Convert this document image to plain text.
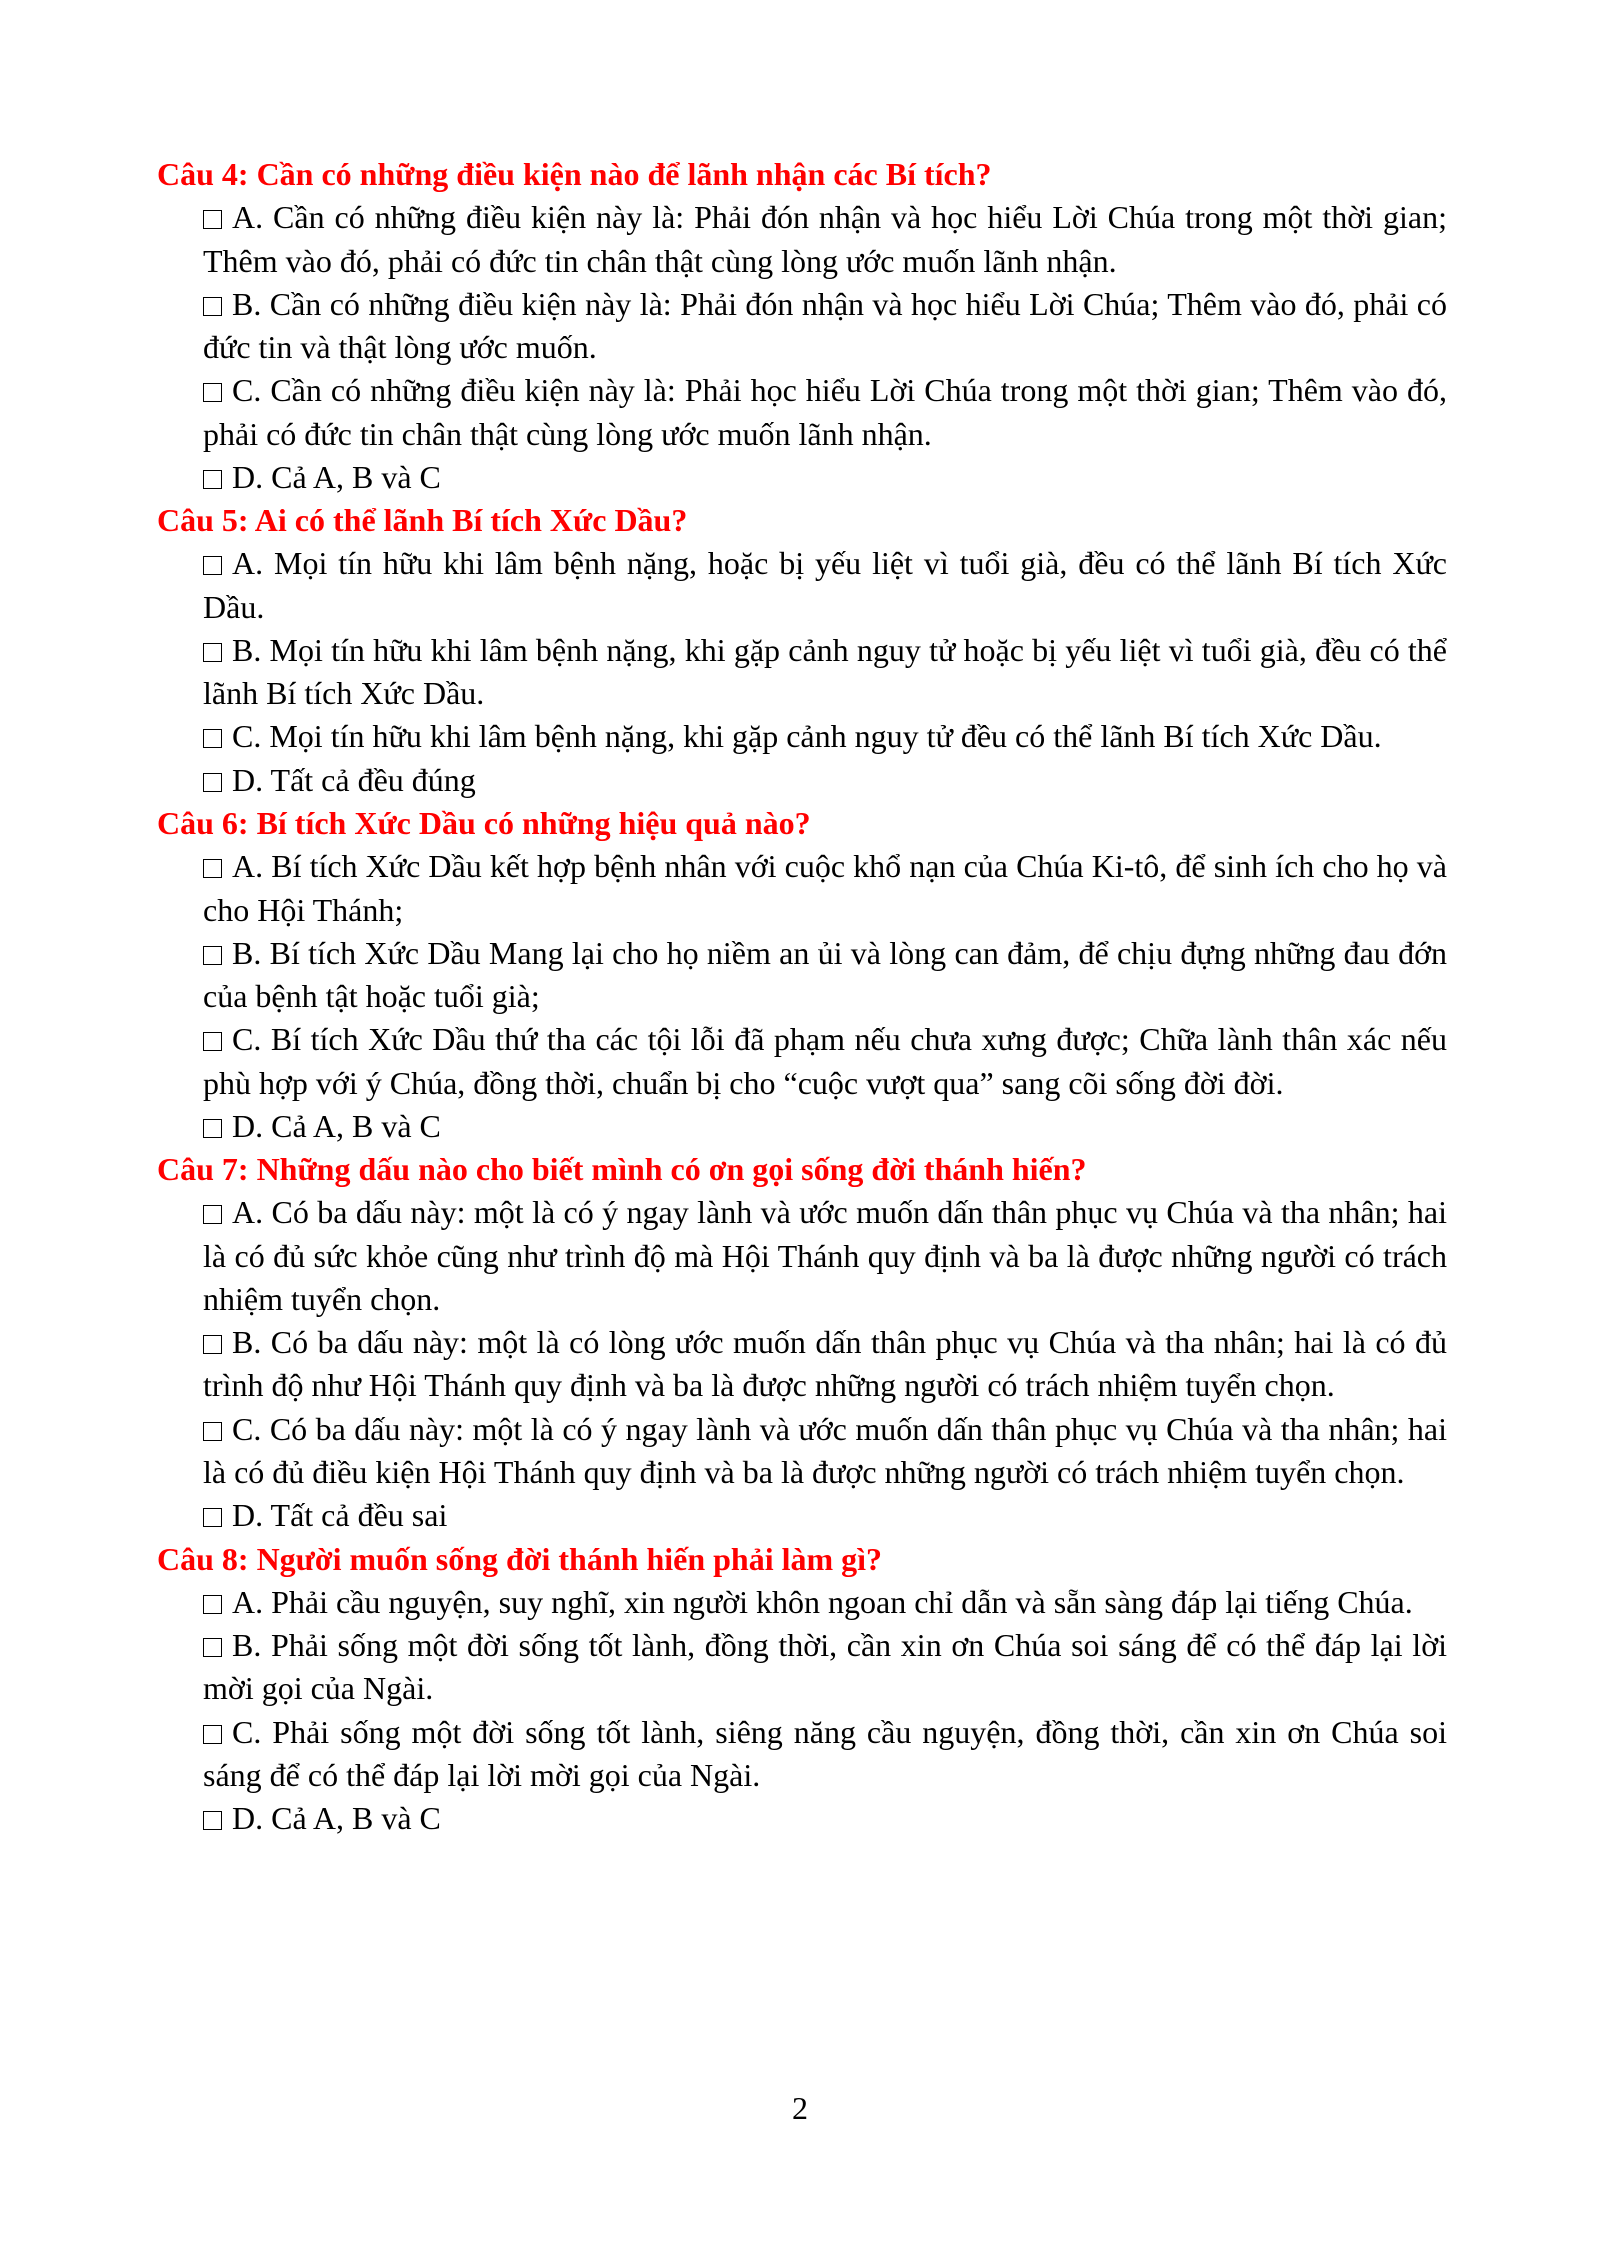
Câu 4: Cần có những điều kiện nào để lãnh nhận các Bí tích?

A. Cần có những điều kiện này là: Phải đón nhận và học hiểu Lời Chúa trong một thời gian; Thêm vào đó, phải có đức tin chân thật cùng lòng ước muốn lãnh nhận.

B. Cần có những điều kiện này là: Phải đón nhận và học hiểu Lời Chúa; Thêm vào đó, phải có đức tin và thật lòng ước muốn.

C. Cần có những điều kiện này là: Phải học hiểu Lời Chúa trong một thời gian; Thêm vào đó, phải có đức tin chân thật cùng lòng ước muốn lãnh nhận.

D. Cả A, B và C

Câu 5: Ai có thể lãnh Bí tích Xức Dầu?

A. Mọi tín hữu khi lâm bệnh nặng, hoặc bị yếu liệt vì tuổi già, đều có thể lãnh Bí tích Xức Dầu.

B. Mọi tín hữu khi lâm bệnh nặng, khi gặp cảnh nguy tử hoặc bị yếu liệt vì tuổi già, đều có thể lãnh Bí tích Xức Dầu.

C. Mọi tín hữu khi lâm bệnh nặng, khi gặp cảnh nguy tử đều có thể lãnh Bí tích Xức Dầu.

D. Tất cả đều đúng

Câu 6: Bí tích Xức Dầu có những hiệu quả nào?

A. Bí tích Xức Dầu kết hợp bệnh nhân với cuộc khổ nạn của Chúa Ki-tô, để sinh ích cho họ và cho Hội Thánh;

B. Bí tích Xức Dầu Mang lại cho họ niềm an ủi và lòng can đảm, để chịu đựng những đau đớn của bệnh tật hoặc tuổi già;

C. Bí tích Xức Dầu thứ tha các tội lỗi đã phạm nếu chưa xưng được; Chữa lành thân xác nếu phù hợp với ý Chúa, đồng thời, chuẩn bị cho “cuộc vượt qua” sang cõi sống đời đời.

D. Cả A, B và C

Câu 7: Những dấu nào cho biết mình có ơn gọi sống đời thánh hiến?

A. Có ba dấu này: một là có ý ngay lành và ước muốn dấn thân phục vụ Chúa và tha nhân; hai là có đủ sức khỏe cũng như trình độ mà Hội Thánh quy định và ba là được những người có trách nhiệm tuyển chọn.

B. Có ba dấu này: một là có lòng ước muốn dấn thân phục vụ Chúa và tha nhân; hai là có đủ trình độ như Hội Thánh quy định và ba là được những người có trách nhiệm tuyển chọn.

C. Có ba dấu này: một là có ý ngay lành và ước muốn dấn thân phục vụ Chúa và tha nhân; hai là có đủ điều kiện Hội Thánh quy định và ba là được những người có trách nhiệm tuyển chọn.

D. Tất cả đều sai

Câu 8: Người muốn sống đời thánh hiến phải làm gì?

A. Phải cầu nguyện, suy nghĩ, xin người khôn ngoan chỉ dẫn và sẵn sàng đáp lại tiếng Chúa.

B. Phải sống một đời sống tốt lành, đồng thời, cần xin ơn Chúa soi sáng để có thể đáp lại lời mời gọi của Ngài.

C. Phải sống một đời sống tốt lành, siêng năng cầu nguyện, đồng thời, cần xin ơn Chúa soi sáng để có thể đáp lại lời mời gọi của Ngài.

D. Cả A, B và C

2
